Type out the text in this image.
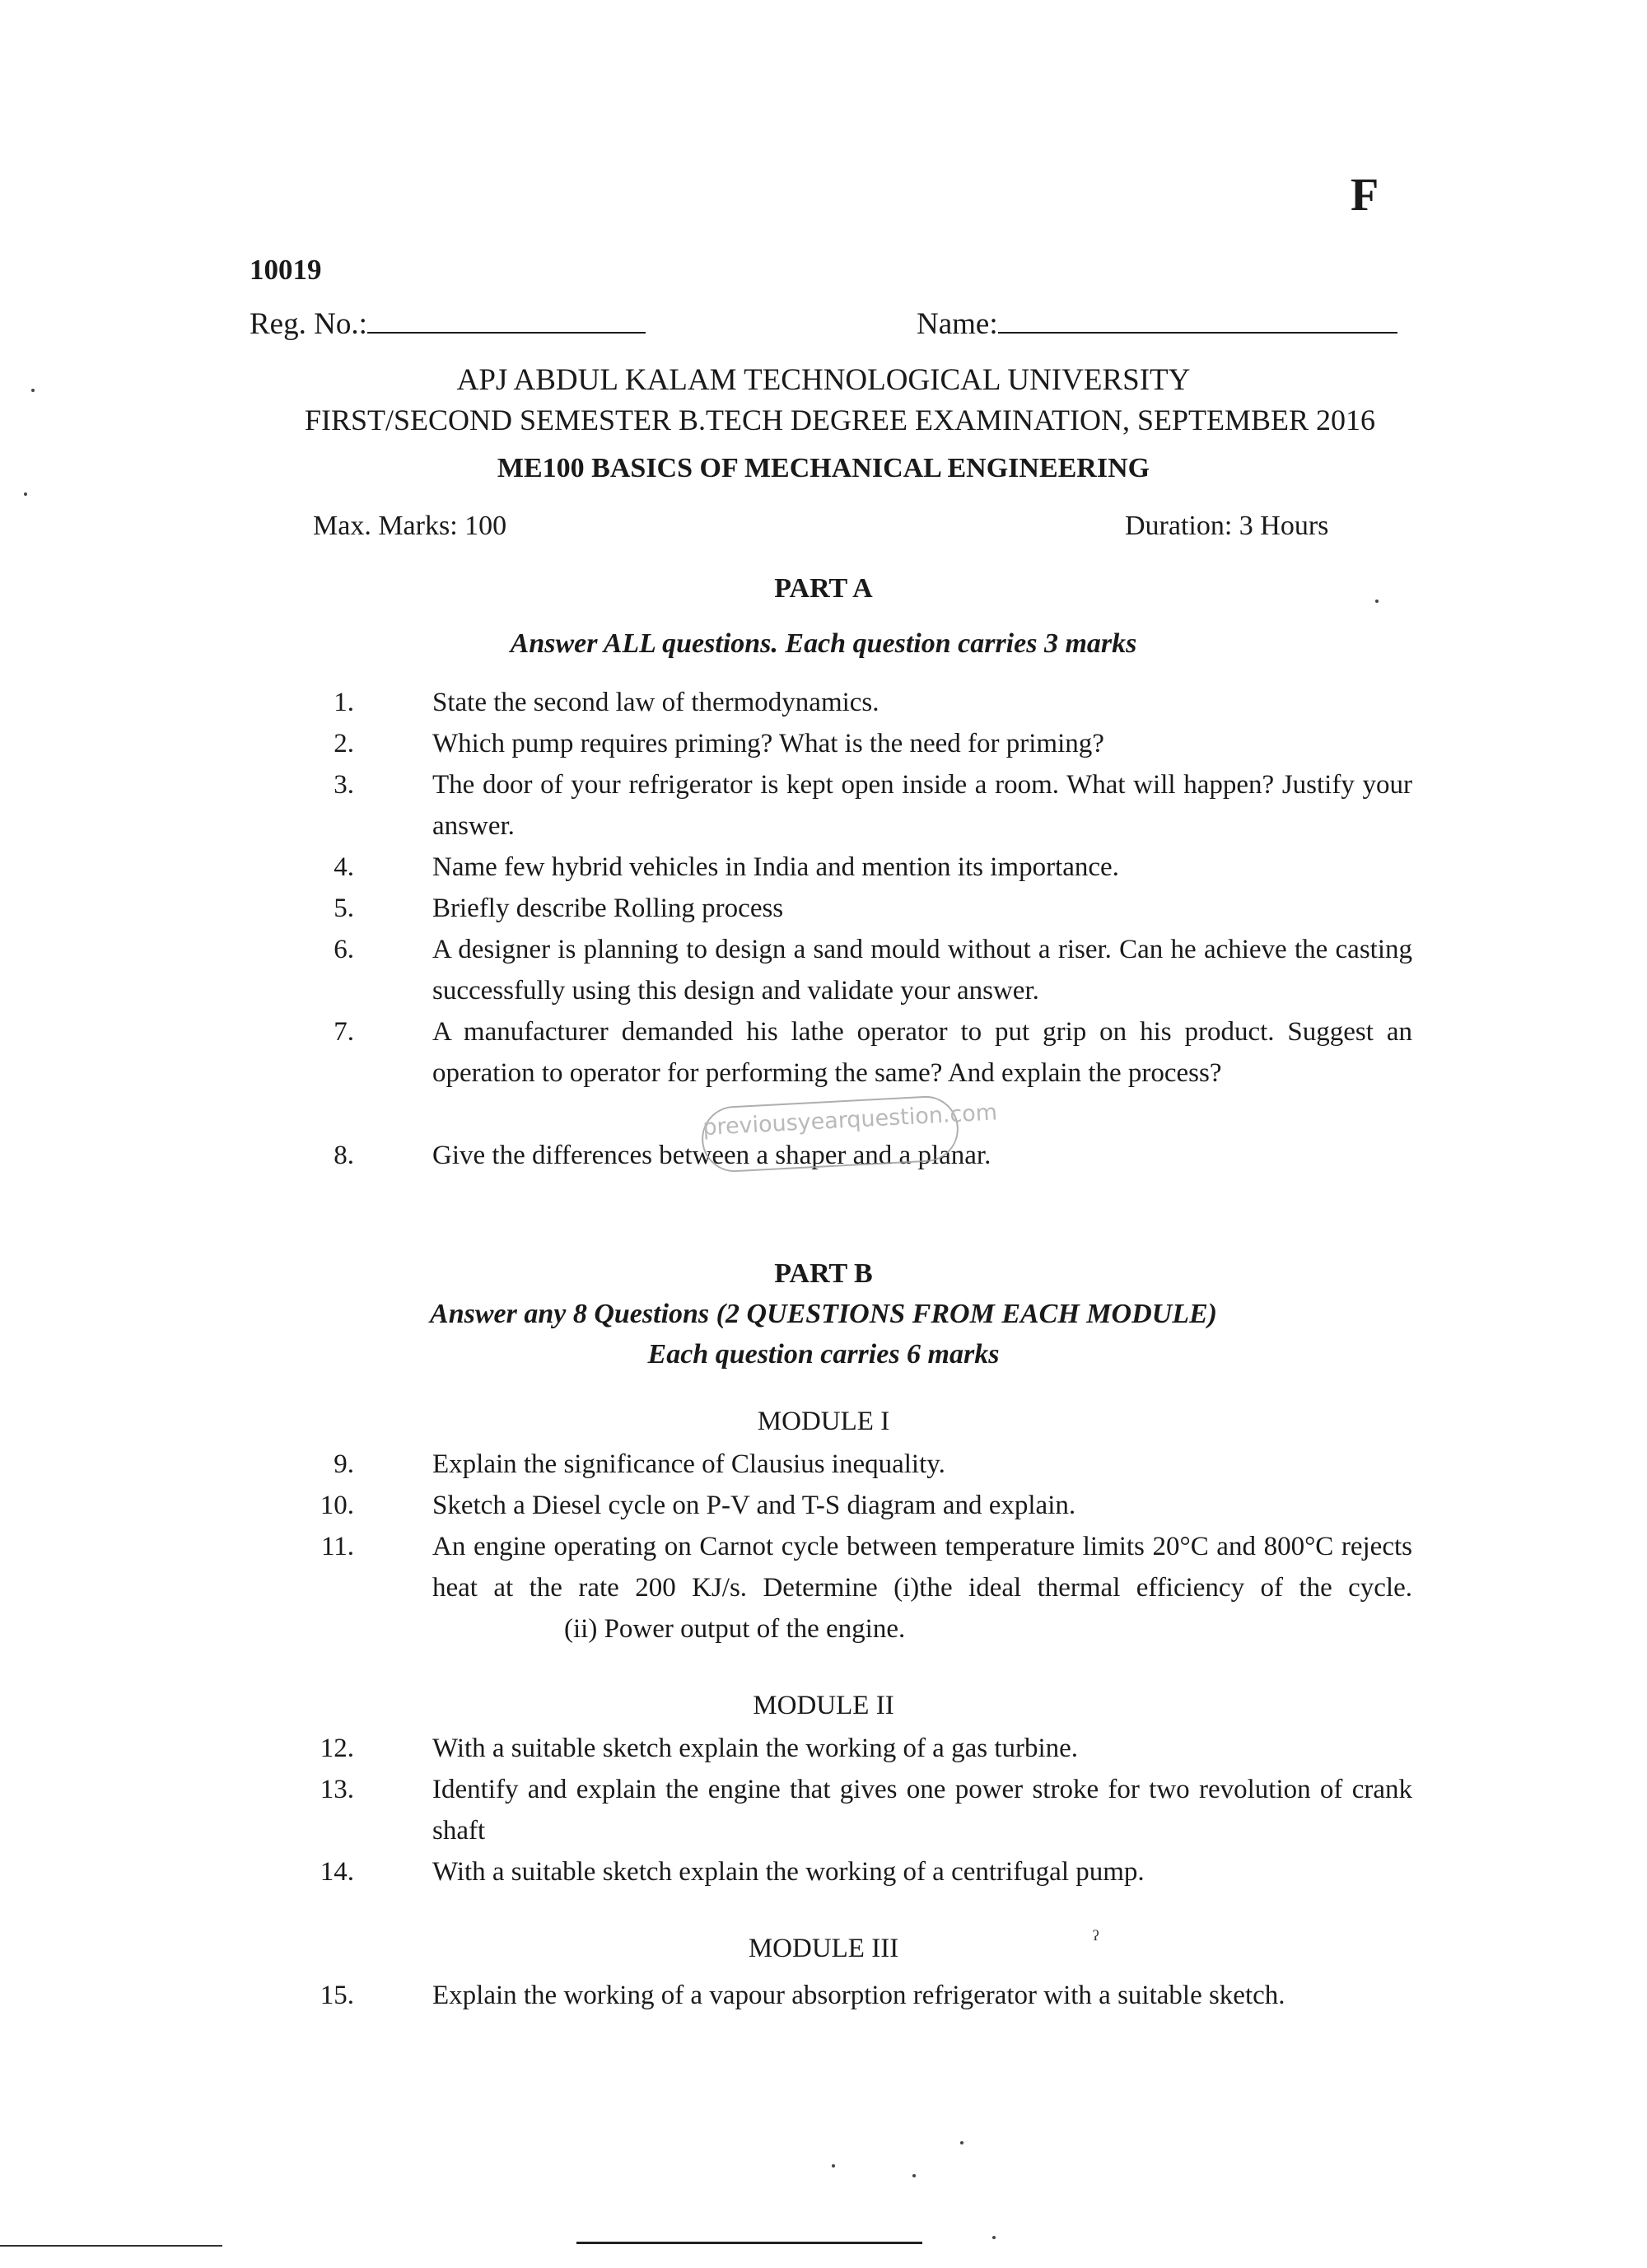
F
10019
Reg. No.:	Name:
APJ ABDUL KALAM TECHNOLOGICAL UNIVERSITY
FIRST/SECOND SEMESTER B.TECH DEGREE EXAMINATION, SEPTEMBER 2016
ME100 BASICS OF MECHANICAL ENGINEERING
Max. Marks: 100	Duration: 3 Hours
PART A
Answer ALL questions. Each question carries 3 marks
1.	State the second law of thermodynamics.
2.	Which pump requires priming? What is the need for priming?
3.	The door of your refrigerator is kept open inside a room. What will happen? Justify your answer.
4.	Name few hybrid vehicles in India and mention its importance.
5.	Briefly describe Rolling process
6.	A designer is planning to design a sand mould without a riser. Can he achieve the casting successfully using this design and validate your answer.
7.	A manufacturer demanded his lathe operator to put grip on his product. Suggest an operation to operator for performing the same? And explain the process?
8.	Give the differences between a shaper and a planar.
previousyearquestion.com
PART B
Answer any 8 Questions (2 QUESTIONS FROM EACH MODULE)
Each question carries 6 marks
MODULE I
9.	Explain the significance of Clausius inequality.
10.	Sketch a Diesel cycle on P-V and T-S diagram and explain.
11.	An engine operating on Carnot cycle between temperature limits 20°C and 800°C rejects heat at the rate 200 KJ/s. Determine (i)the ideal thermal efficiency of the cycle.(ii) Power output of the engine.
MODULE II
12.	With a suitable sketch explain the working of a gas turbine.
13.	Identify and explain the engine that gives one power stroke for two revolution of crank shaft
14.	With a suitable sketch explain the working of a centrifugal pump.
MODULE III	ˀ
15.	Explain the working of a vapour absorption refrigerator with a suitable sketch.
